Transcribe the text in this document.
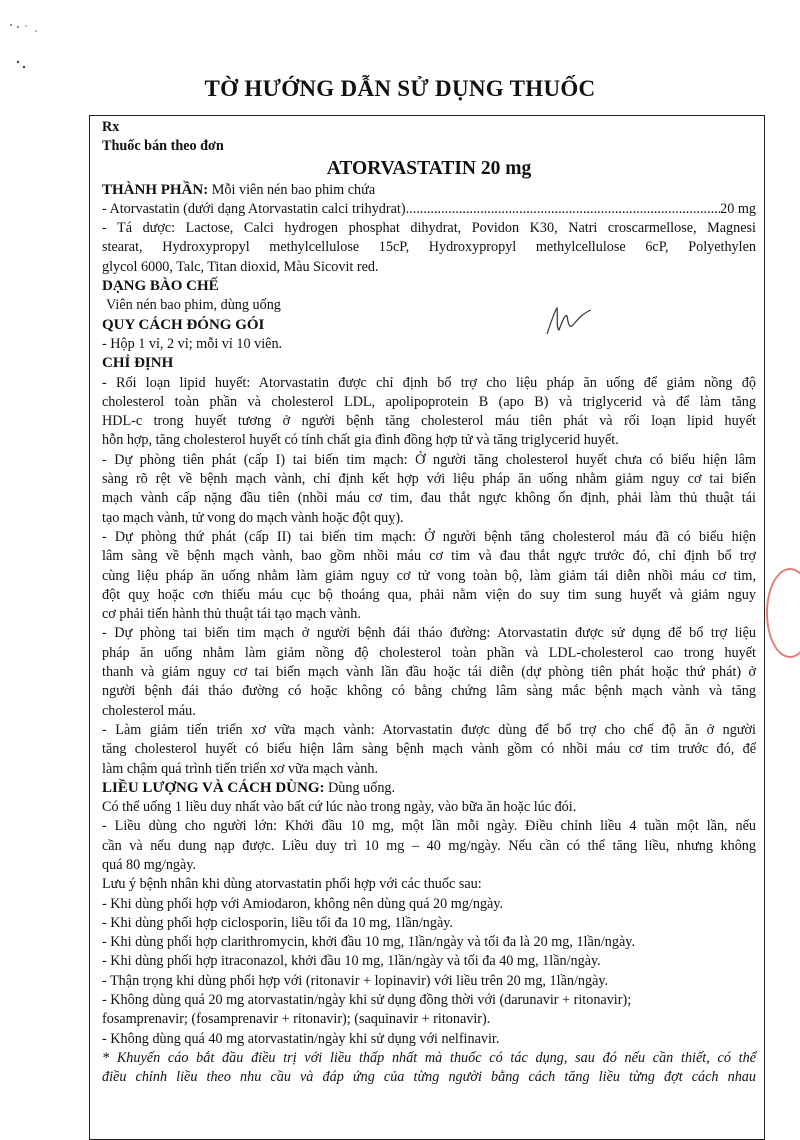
TỜ HƯỚNG DẪN SỬ DỤNG THUỐC
Rx
Thuốc bán theo đơn
ATORVASTATIN 20 mg
THÀNH PHẦN: Mỗi viên nén bao phim chứa
- Atorvastatin (dưới dạng Atorvastatin calci trihydrat)
.....	20 mg
- Tá dược: Lactose, Calci hydrogen phosphat dihydrat, Povidon K30, Natri croscarmellose, Magnesi
stearat, Hydroxypropyl methylcellulose 15cP, Hydroxypropyl methylcellulose 6cP, Polyethylen
glycol 6000, Talc, Titan dioxid, Màu Sicovit red.
DẠNG BÀO CHẾ
Viên nén bao phim, dùng uống
QUY CÁCH ĐÓNG GÓI
- Hộp 1 vỉ, 2 vỉ; mỗi vỉ 10 viên.
CHỈ ĐỊNH
- Rối loạn lipid huyết: Atorvastatin được chỉ định bổ trợ cho liệu pháp ăn uống để giảm nồng độ
cholesterol toàn phần và cholesterol LDL, apolipoprotein B (apo B) và triglycerid và để làm tăng
HDL-c trong huyết tương ở người bệnh tăng cholesterol máu tiên phát và rối loạn lipid huyết
hỗn hợp, tăng cholesterol huyết có tính chất gia đình đồng hợp tử và tăng triglycerid huyết.
- Dự phòng tiên phát (cấp I) tai biến tim mạch: Ở người tăng cholesterol huyết chưa có biểu hiện lâm
sàng rõ rệt về bệnh mạch vành, chỉ định kết hợp với liệu pháp ăn uống nhằm giảm nguy cơ tai biến
mạch vành cấp nặng đầu tiên (nhồi máu cơ tim, đau thắt ngực không ổn định, phải làm thủ thuật tái
tạo mạch vành, tử vong do mạch vành hoặc đột quỵ).
- Dự phòng thứ phát (cấp II) tai biến tim mạch: Ở người bệnh tăng cholesterol máu đã có biểu hiện
lâm sàng về bệnh mạch vành, bao gồm nhồi máu cơ tim và đau thắt ngực trước đó, chỉ định bổ trợ
cùng liệu pháp ăn uống nhằm làm giảm nguy cơ tử vong toàn bộ, làm giảm tái diễn nhồi máu cơ tim,
đột quỵ hoặc cơn thiếu máu cục bộ thoáng qua, phải nằm viện do suy tim sung huyết và giảm nguy
cơ phải tiến hành thủ thuật tái tạo mạch vành.
- Dự phòng tai biến tim mạch ở người bệnh đái tháo đường: Atorvastatin được sử dụng để bổ trợ liệu
pháp ăn uống nhằm làm giảm nồng độ cholesterol toàn phần và LDL-cholesterol cao trong huyết
thanh và giảm nguy cơ tai biến mạch vành lần đầu hoặc tái diễn (dự phòng tiên phát hoặc thứ phát) ở
người bệnh đái tháo đường có hoặc không có bằng chứng lâm sàng mắc bệnh mạch vành và tăng
cholesterol máu.
- Làm giảm tiến triển xơ vữa mạch vành: Atorvastatin được dùng để bổ trợ cho chế độ ăn ở người
tăng cholesterol huyết có biểu hiện lâm sàng bệnh mạch vành gồm có nhồi máu cơ tim trước đó, để
làm chậm quá trình tiến triển xơ vữa mạch vành.
LIỀU LƯỢNG VÀ CÁCH DÙNG: Dùng uống.
Có thể uống 1 liều duy nhất vào bất cứ lúc nào trong ngày, vào bữa ăn hoặc lúc đói.
- Liều dùng cho người lớn: Khởi đầu 10 mg, một lần mỗi ngày. Điều chỉnh liều 4 tuần một lần, nếu
cần và nếu dung nạp được. Liều duy trì 10 mg – 40 mg/ngày. Nếu cần có thể tăng liều, nhưng không
quá 80 mg/ngày.
Lưu ý bệnh nhân khi dùng atorvastatin phối hợp với các thuốc sau:
- Khi dùng phối hợp với Amiodaron, không nên dùng quá 20 mg/ngày.
- Khi dùng phối hợp ciclosporin, liều tối đa 10 mg, 1lần/ngày.
- Khi dùng phối hợp clarithromycin, khởi đầu 10 mg, 1lần/ngày và tối đa là 20 mg, 1lần/ngày.
- Khi dùng phối hợp itraconazol, khởi đầu 10 mg, 1lần/ngày và tối đa 40 mg, 1lần/ngày.
- Thận trọng khi dùng phối hợp với (ritonavir + lopinavir) với liều trên 20 mg, 1lần/ngày.
- Không dùng quá 20 mg atorvastatin/ngày khi sử dụng đồng thời với (darunavir + ritonavir);
fosamprenavir; (fosamprenavir + ritonavir); (saquinavir + ritonavir).
- Không dùng quá 40 mg atorvastatin/ngày khi sử dụng với nelfinavir.
* Khuyến cáo bắt đầu điều trị với liều thấp nhất mà thuốc có tác dụng, sau đó nếu cần thiết, có thể
điều chỉnh liều theo nhu cầu và đáp ứng của từng người bằng cách tăng liều từng đợt cách nhau
